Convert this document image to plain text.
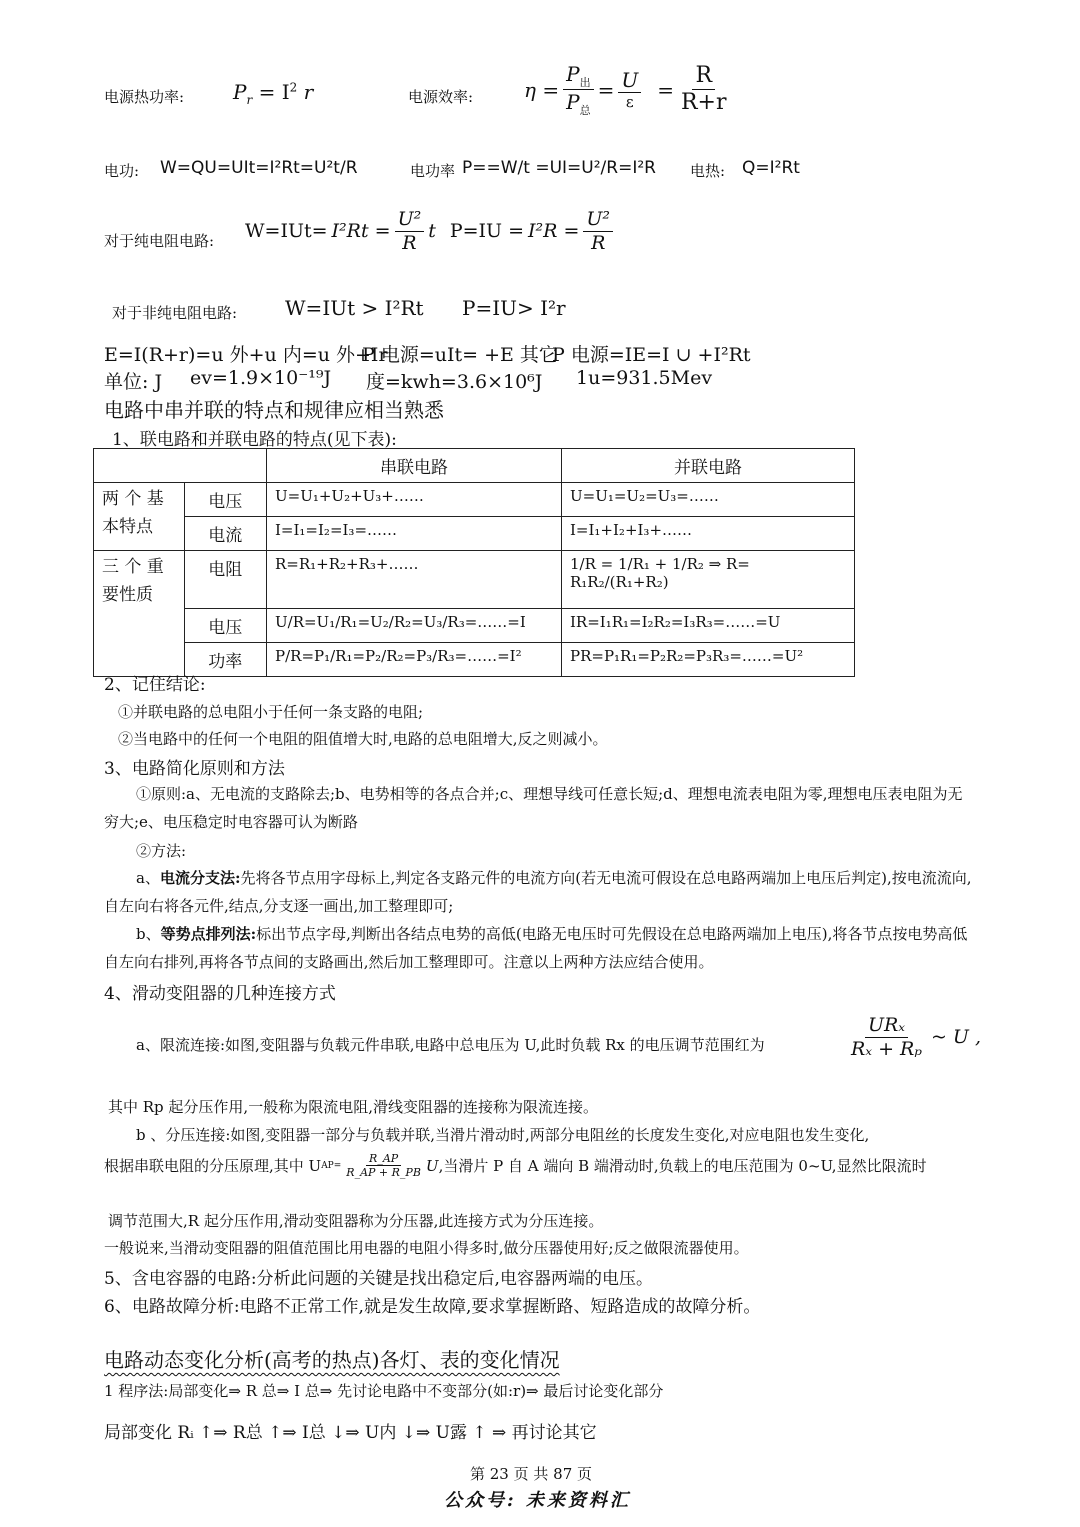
电源热功率: $P_r = I^2$ r	电源效率:	$\eta = \frac{P_出}{P_总} = \frac{U}{\varepsilon} = \frac{R}{R+r}$
电功: W=QU=UIt=I²Rt=U²t/R	电功率 P==W/t =UI=U²/R=I²R 电热: Q=I²Rt
对于纯电阻电路: $W=IUt= I^2Rt = \frac{\text{U²}}{R}$ t $P=IU = I^2R = \frac{\text{U²}}{R}$
对于非纯电阻电路: W=IUt > I²Rt P=IU> I²r
E=I(R+r)=u 外+u 内=u 外+Ir
P 电源=uIt= +E 其它
P 电源=IE=I ∪ +I²Rt
单位: J ev=1.9×10⁻¹⁹J 度=kwh=3.6×10⁶J 1u=931.5Mev
电路中串并联的特点和规律应相当熟悉
1、联电路和并联电路的特点(见下表):
		串联电路	并联电路
两 个 基 本特点	电压	U=U₁+U₂+U₃+……	U=U₁=U₂=U₃=……
	电流	I=I₁=I₂=I₃=……	I=I₁+I₂+I₃+……
三 个 重 要性质	电阻	R=R₁+R₂+R₃+……	1/R = 1/R₁ + 1/R₂ ⇒ R= R₁R₂/(R₁+R₂)
	电压	U/R=U₁/R₁=U₂/R₂=U₃/R₃=……=I	IR=I₁R₁=I₂R₂=I₃R₃=……=U
	功率	P/R=P₁/R₁=P₂/R₂=P₃/R₃=……=I²	PR=P₁R₁=P₂R₂=P₃R₃=……=U²
2、记住结论:
①并联电路的总电阻小于任何一条支路的电阻;
②当电路中的任何一个电阻的阻值增大时,电路的总电阻增大,反之则减小。
3、电路简化原则和方法
①原则:a、无电流的支路除去;b、电势相等的各点合并;c、理想导线可任意长短;d、理想电流表电阻为零,理想电压表电阻为无穷大;e、电压稳定时电容器可认为断路
②方法:
a、电流分支法:先将各节点用字母标上,判定各支路元件的电流方向(若无电流可假设在总电路两端加上电压后判定),按电流流向,自左向右将各元件,结点,分支逐一画出,加工整理即可;
b、等势点排列法:标出节点字母,判断出各结点电势的高低(电路无电压时可先假设在总电路两端加上电压),将各节点按电势高低自左向右排列,再将各节点间的支路画出,然后加工整理即可。注意以上两种方法应结合使用。
4、滑动变阻器的几种连接方式
a、限流连接:如图,变阻器与负载元件串联,电路中总电压为 U,此时负载 Rx 的电压调节范围红为	$\frac{\text{URₓ}}{\text{Rₓ + Rₚ}}$ ~ U ,
其中 Rp 起分压作用,一般称为限流电阻,滑线变阻器的连接称为限流连接。
b 、分压连接:如图,变阻器一部分与负载并联,当滑片滑动时,两部分电阻丝的长度发生变化,对应电阻也发生变化,
根据串联电阻的分压原理,其中 U $AP= \frac{R\_AP}{R\_AP + R\_PB}$ U ,当滑片 P 自 A 端向 B 端滑动时,负载上的电压范围为 0~U,显然比限流时
调节范围大,R 起分压作用,滑动变阻器称为分压器,此连接方式为分压连接。
一般说来,当滑动变阻器的阻值范围比用电器的电阻小得多时,做分压器使用好;反之做限流器使用。
5、含电容器的电路:分析此问题的关键是找出稳定后,电容器两端的电压。
6、电路故障分析:电路不正常工作,就是发生故障,要求掌握断路、短路造成的故障分析。
电路动态变化分析(高考的热点)各灯、表的变化情况
1 程序法:局部变化⇒ R 总⇒ I 总⇒ 先讨论电路中不变部分(如:r)⇒ 最后讨论变化部分
局部变化 Rᵢ ↑⇒ R总 ↑⇒ I总 ↓⇒ U内 ↓⇒ U露 ↑ ⇒ 再讨论其它
第 23 页 共 87 页
公众号: 未来资料汇
